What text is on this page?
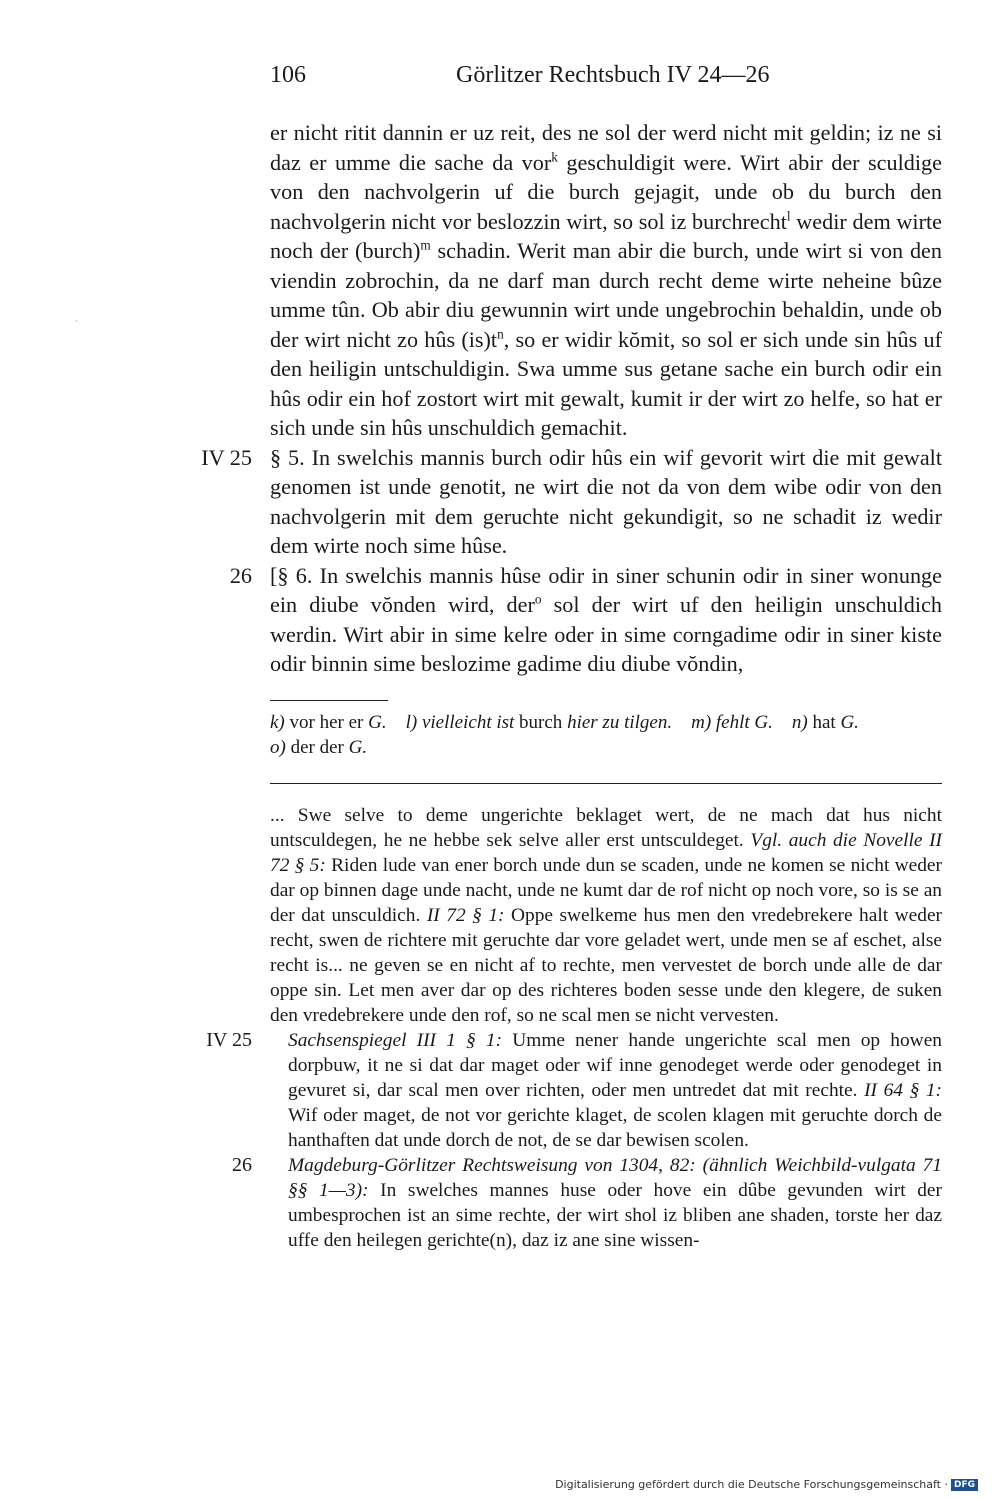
106	Görlitzer Rechtsbuch IV 24—26
`

er nicht ritit dannin er uz reit, des ne sol der werd nicht mit geldin; iz ne si daz er umme die sache da vor$^k$ geschuldigit were. Wirt abir der sculdige von den nachvolgerin uf die burch gejagit, unde ob du burch den nachvolgerin nicht vor beslozzin wirt, so sol iz burchrecht$^l$ wedir dem wirte noch der (burch)$^m$ schadin. Werit man abir die burch, unde wirt si von den viendin zobrochin, da ne darf man durch recht deme wirte neheine bûze umme tûn. Ob abir diu gewunnin wirt unde ungebrochin behaldin, unde ob der wirt nicht zo hûs $(is)t^n$, so er widir kŏmit, so sol er sich unde sin hûs uf den heiligin untschuldigin. Swa umme sus getane sache ein burch odir ein hûs odir ein hof zostort wirt mit gewalt, kumit ir der wirt zo helfe, so hat er sich unde sin hûs unschuldich gemachit.

IV 25 § 5. In swelchis mannis burch odir hûs ein wif gevorit wirt die mit gewalt genomen ist unde genotit, ne wirt die not da von dem wibe odir von den nachvolgerin mit dem geruchte nicht gekundigit, so ne schadit iz wedir dem wirte noch sime hûse.

26 [§ 6. In swelchis mannis hûse odir in siner schunin odir in siner wonunge ein diube vŏnden wird, der$^o$ sol der wirt uf den heiligin unschuldich werdin. Wirt abir in sime kelre oder in sime corngadime odir in siner kiste odir binnin sime beslozime gadime diu diube vŏndin,

k) vor her er G. l) vielleicht ist burch hier zu tilgen. m) fehlt G. n) hat G.
o) der der G.

... Swe selve to deme ungerichte beklaget wert, de ne mach dat hus nicht untsculdegen, he ne hebbe sek selve aller erst untsculdeget. Vgl. auch die Novelle II 72 § 5: Riden lude van ener borch unde dun se scaden, unde ne komen se nicht weder dar op binnen dage unde nacht, unde ne kumt dar de rof nicht op noch vore, so is se an der dat unsculdich. II 72 § 1: Oppe swelkeme hus men den vredebrekere halt weder recht, swen de richtere mit geruchte dar vore geladet wert, unde men se af eschet, alse recht is... ne geven se en nicht af to rechte, men vervestet de borch unde alle de dar oppe sin. Let men aver dar op des richteres boden sesse unde den klegere, de suken den vredebrekere unde den rof, so ne scal men se nicht vervesten.

IV 25 Sachsenspiegel III 1 § 1: Umme nener hande ungerichte scal men op howen dorpbuw, it ne si dat dar maget oder wif inne genodeget werde oder genodeget in gevuret si, dar scal men over richten, oder men untredet dat mit rechte. II 64 § 1: Wif oder maget, de not vor gerichte klaget, de scolen klagen mit geruchte dorch de hanthaften dat unde dorch de not, de se dar bewisen scolen.

26 Magdeburg-Görlitzer Rechtsweisung von 1304, 82: (ähnlich Weichbild-vulgata 71 §§ 1—3): In swelches mannes huse oder hove ein dûbe gevunden wirt der umbesprochen ist an sime rechte, der wirt shol iz bliben ane shaden, torste her daz uffe den heilegen gerichte(n), daz iz ane sine wissen-

Digitalisierung gefördert durch die Deutsche Forschungsgemeinschaft · DFG
